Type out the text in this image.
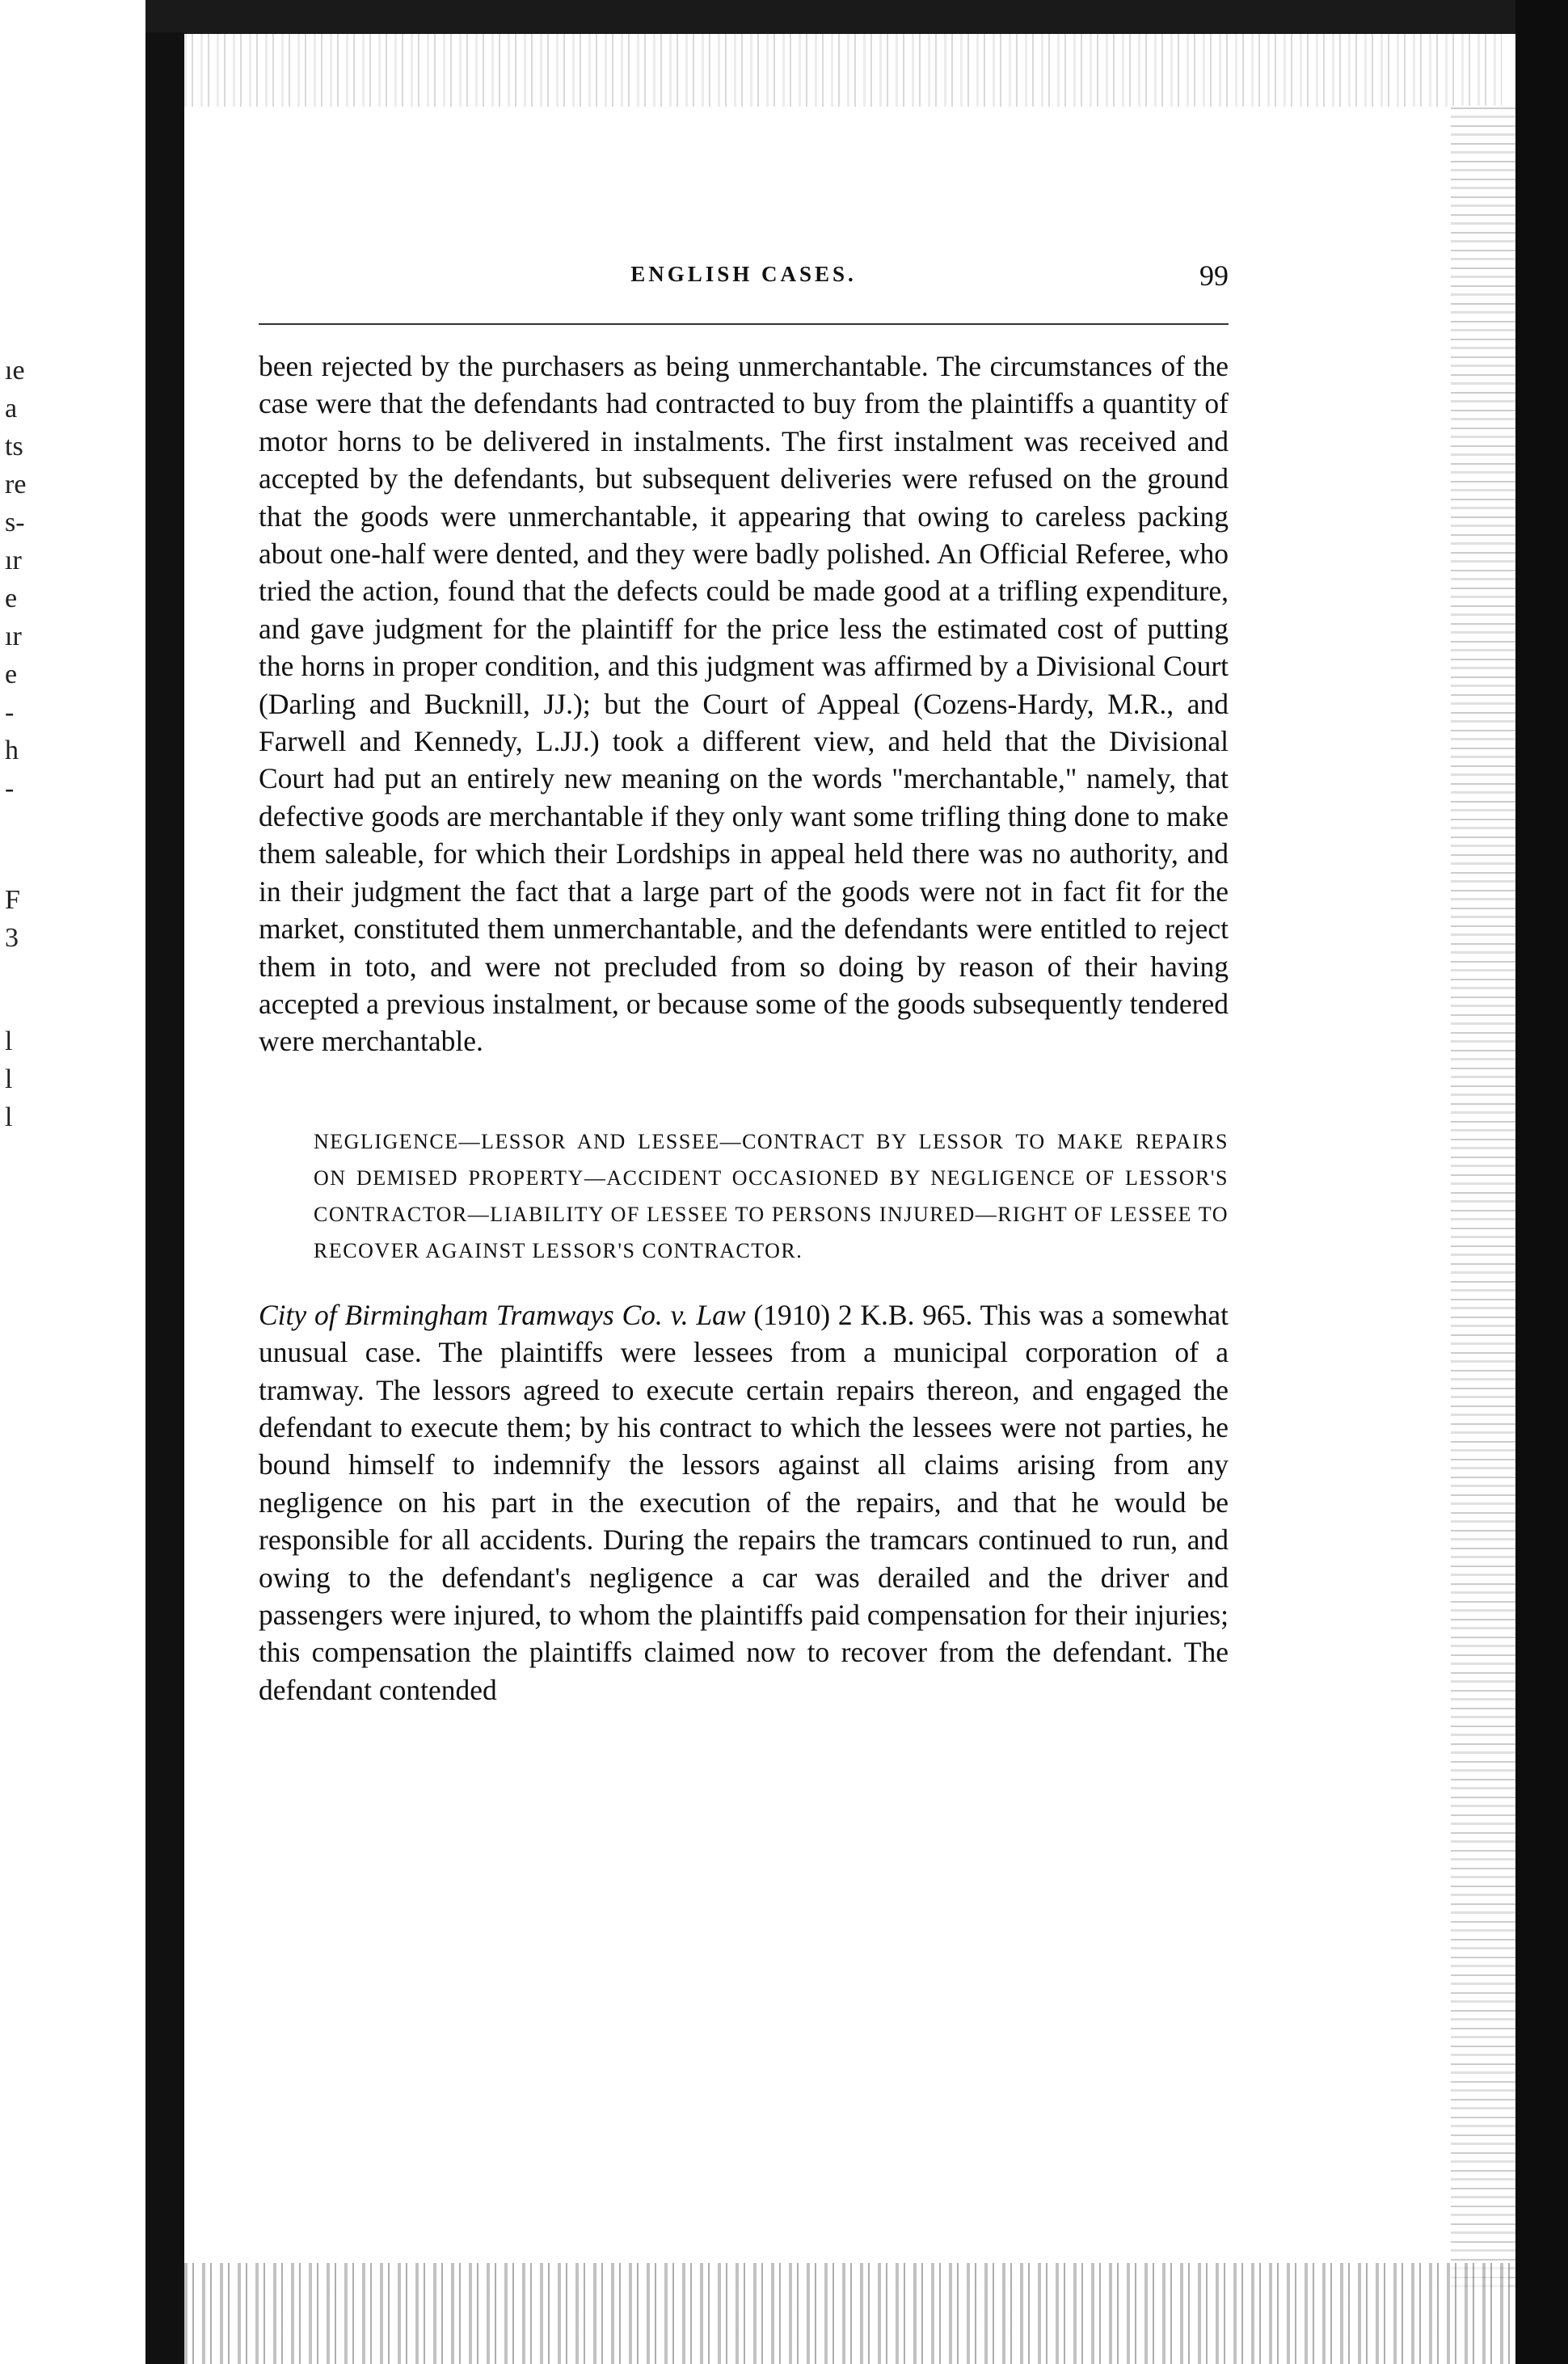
ıe
a
ts
re
s-
ır
e
ır
e
-
h
-
F
3
l
l
l
ENGLISH CASES.	99

been rejected by the purchasers as being unmerchantable. The circumstances of the case were that the defendants had contracted to buy from the plaintiffs a quantity of motor horns to be delivered in instalments. The first instalment was received and accepted by the defendants, but subsequent deliveries were refused on the ground that the goods were unmerchantable, it appearing that owing to careless packing about one-half were dented, and they were badly polished. An Official Referee, who tried the action, found that the defects could be made good at a trifling expenditure, and gave judgment for the plaintiff for the price less the estimated cost of putting the horns in proper condition, and this judgment was affirmed by a Divisional Court (Darling and Bucknill, JJ.); but the Court of Appeal (Cozens-Hardy, M.R., and Farwell and Kennedy, L.JJ.) took a different view, and held that the Divisional Court had put an entirely new meaning on the words "merchantable," namely, that defective goods are merchantable if they only want some trifling thing done to make them saleable, for which their Lordships in appeal held there was no authority, and in their judgment the fact that a large part of the goods were not in fact fit for the market, constituted them unmerchantable, and the defendants were entitled to reject them in toto, and were not precluded from so doing by reason of their having accepted a previous instalment, or because some of the goods subsequently tendered were merchantable.

NEGLIGENCE—LESSOR AND LESSEE—CONTRACT BY LESSOR TO MAKE REPAIRS ON DEMISED PROPERTY—ACCIDENT OCCASIONED BY NEGLIGENCE OF LESSOR'S CONTRACTOR—LIABILITY OF LESSEE TO PERSONS INJURED—RIGHT OF LESSEE TO RECOVER AGAINST LESSOR'S CONTRACTOR.

City of Birmingham Tramways Co. v. Law (1910) 2 K.B. 965. This was a somewhat unusual case. The plaintiffs were lessees from a municipal corporation of a tramway. The lessors agreed to execute certain repairs thereon, and engaged the defendant to execute them; by his contract to which the lessees were not parties, he bound himself to indemnify the lessors against all claims arising from any negligence on his part in the execution of the repairs, and that he would be responsible for all accidents. During the repairs the tramcars continued to run, and owing to the defendant's negligence a car was derailed and the driver and passengers were injured, to whom the plaintiffs paid compensation for their injuries; this compensation the plaintiffs claimed now to recover from the defendant. The defendant contended
